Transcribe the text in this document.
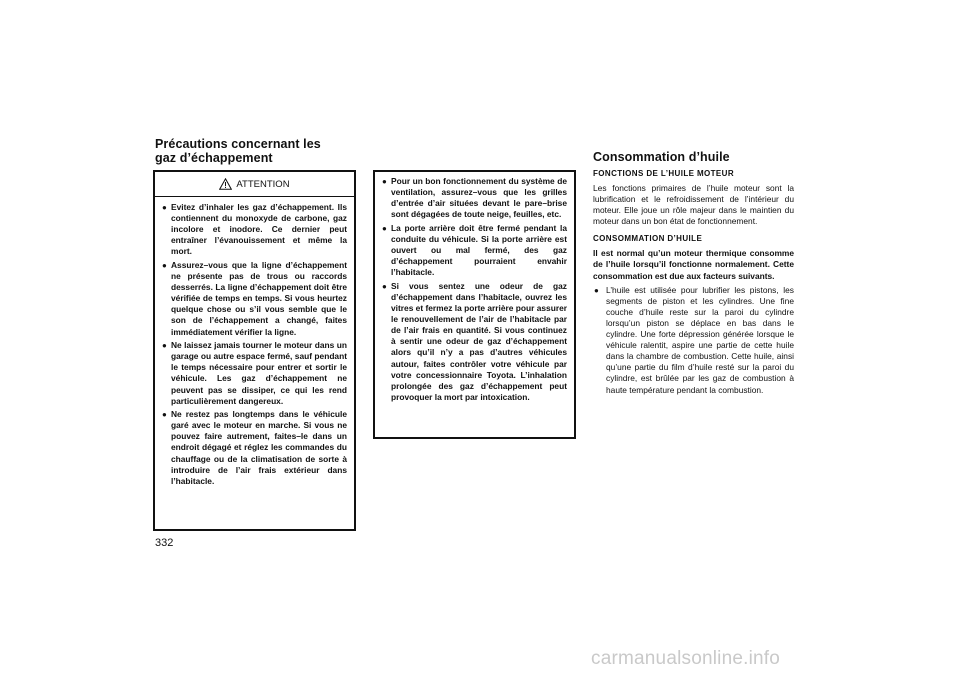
Précautions concernant les
gaz d’échappement
ATTENTION
● Evitez d’inhaler les gaz d’échappement. Ils contiennent du monoxyde de carbone, gaz incolore et inodore. Ce dernier peut entraîner l’évanouissement et même la mort.
● Assurez–vous que la ligne d’échappement ne présente pas de trous ou raccords desserrés. La ligne d’échappement doit être vérifiée de temps en temps. Si vous heurtez quelque chose ou s’il vous semble que le son de l’échappement a changé, faites immédiatement vérifier la ligne.
● Ne laissez jamais tourner le moteur dans un garage ou autre espace fermé, sauf pendant le temps nécessaire pour entrer et sortir le véhicule. Les gaz d’échappement ne peuvent pas se dissiper, ce qui les rend particulièrement dangereux.
● Ne restez pas longtemps dans le véhicule garé avec le moteur en marche. Si vous ne pouvez faire autrement, faites–le dans un endroit dégagé et réglez les commandes du chauffage ou de la climatisation de sorte à introduire de l’air frais extérieur dans l’habitacle.
● Pour un bon fonctionnement du système de ventilation, assurez–vous que les grilles d’entrée d’air situées devant le pare–brise sont dégagées de toute neige, feuilles, etc.
● La porte arrière doit être fermé pendant la conduite du véhicule. Si la porte arrière est ouvert ou mal fermé, des gaz d’échappement pourraient envahir l’habitacle.
● Si vous sentez une odeur de gaz d’échappement dans l’habitacle, ouvrez les vitres et fermez la porte arrière pour assurer le renouvellement de l’air de l’habitacle par de l’air frais en quantité. Si vous continuez à sentir une odeur de gaz d’échappement alors qu’il n’y a pas d’autres véhicules autour, faites contrôler votre véhicule par votre concessionnaire Toyota. L’inhalation prolongée des gaz d’échappement peut provoquer la mort par intoxication.
Consommation d’huile
FONCTIONS DE L’HUILE MOTEUR

Les fonctions primaires de l’huile moteur sont la lubrification et le refroidissement de l’intérieur du moteur. Elle joue un rôle majeur dans le maintien du moteur dans un bon état de fonctionnement.

CONSOMMATION D’HUILE

Il est normal qu’un moteur thermique consomme de l’huile lorsqu’il fonctionne normalement. Cette consommation est due aux facteurs suivants.

● L’huile est utilisée pour lubrifier les pistons, les segments de piston et les cylindres. Une fine couche d’huile reste sur la paroi du cylindre lorsqu’un piston se déplace en bas dans le cylindre. Une forte dépression générée lorsque le véhicule ralentit, aspire une partie de cette huile dans la chambre de combustion. Cette huile, ainsi qu’une partie du film d’huile resté sur la paroi du cylindre, est brûlée par les gaz de combustion à haute température pendant la combustion.
332
carmanualsonline.info
